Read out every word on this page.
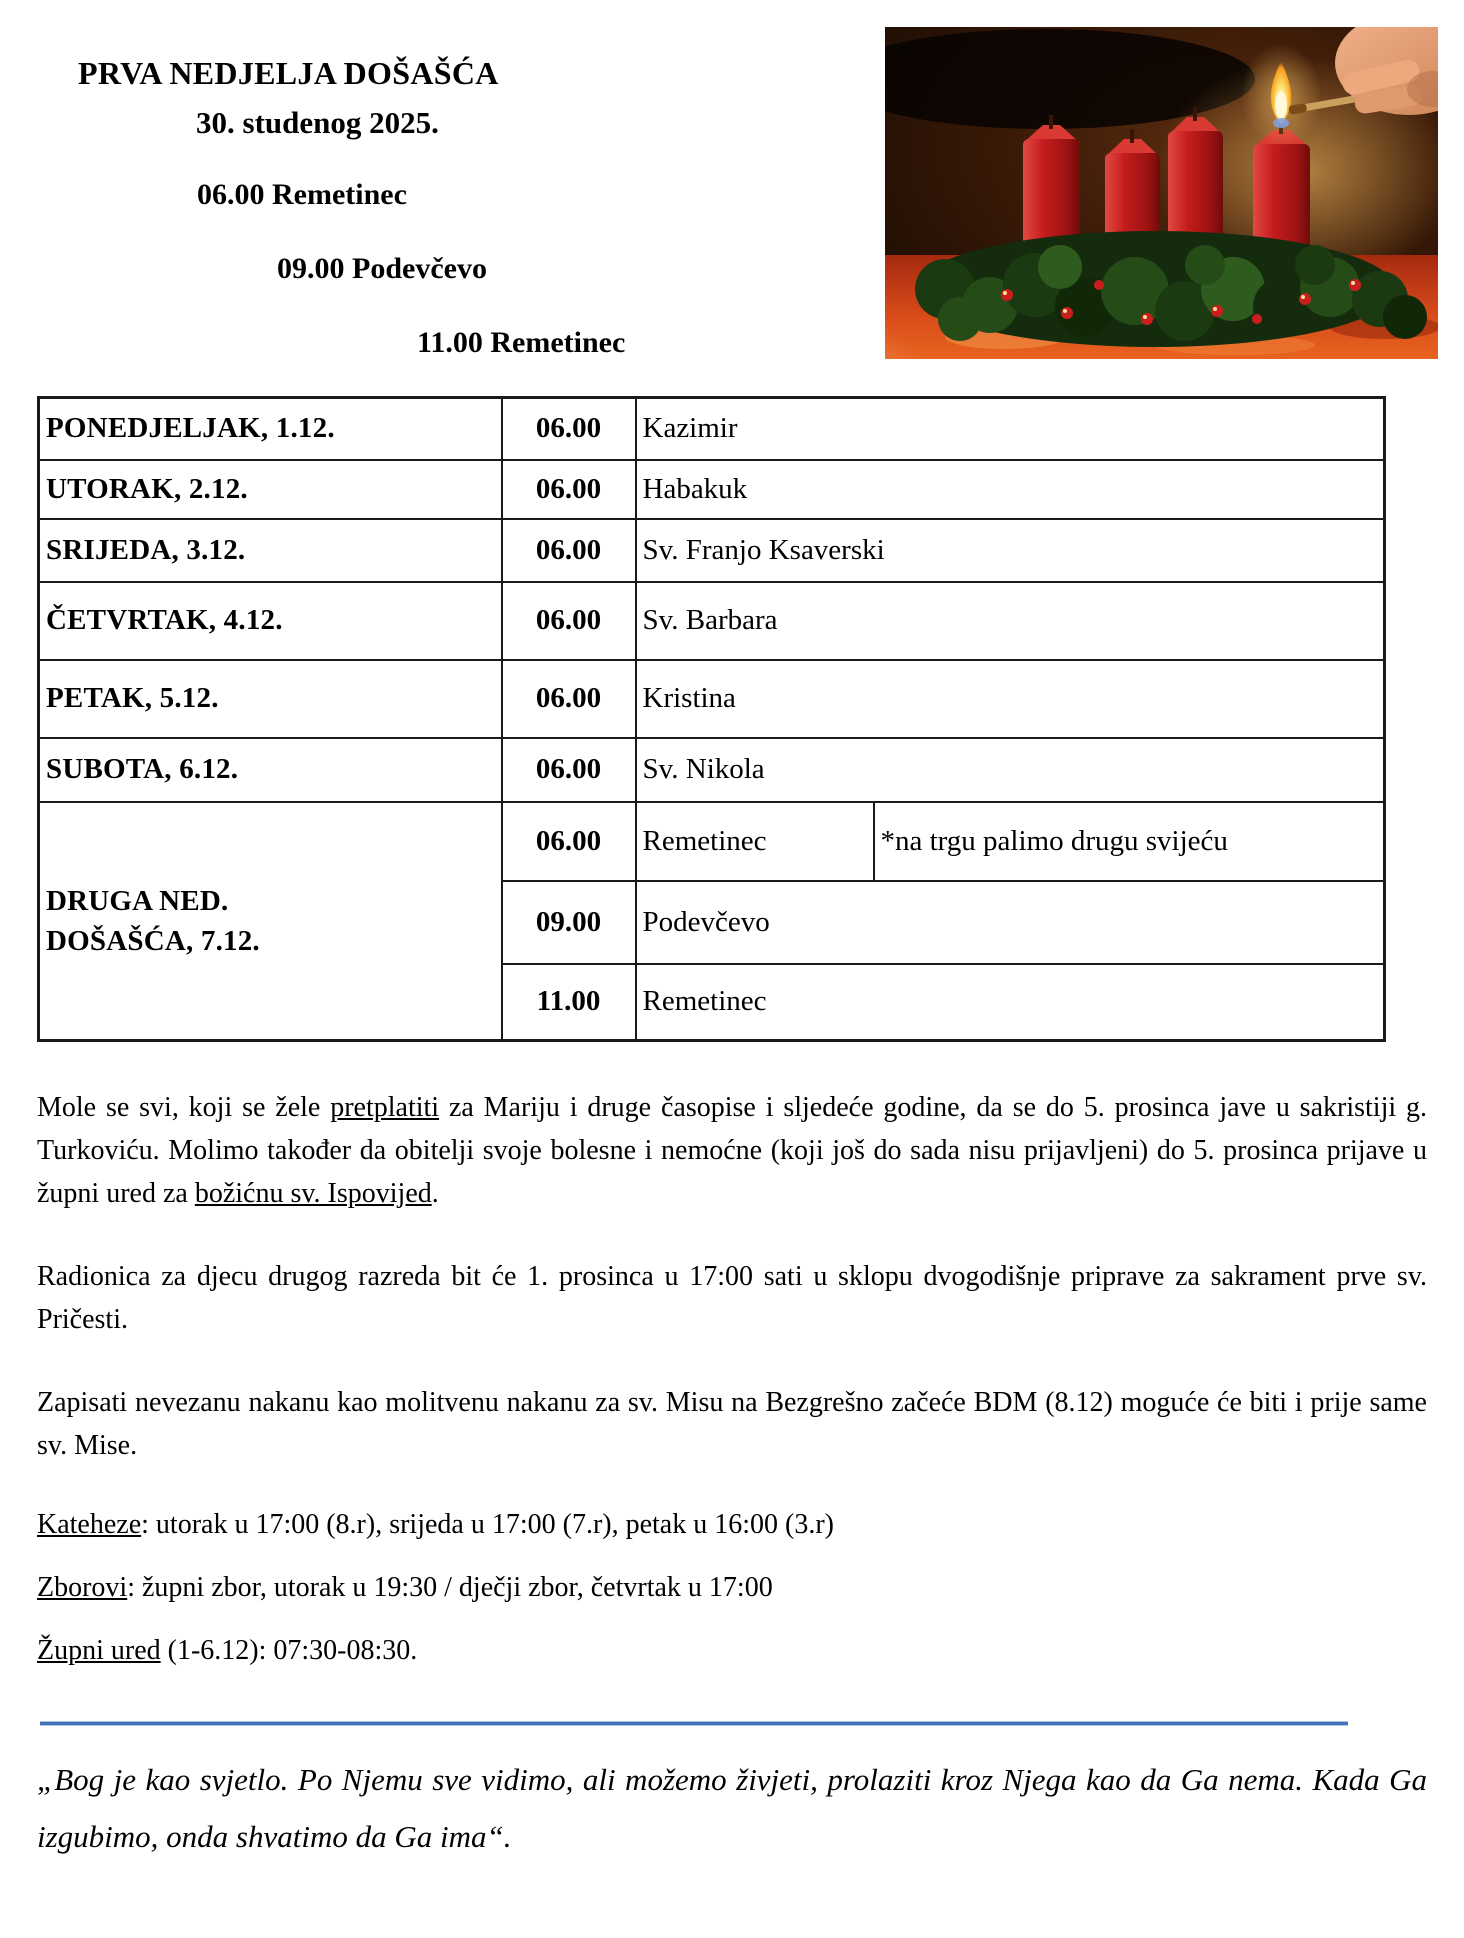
PRVA NEDJELJA DOŠAŠĆA
30. studenog 2025.
06.00 Remetinec
09.00 Podevčevo
11.00 Remetinec
PONEDJELJAK, 1.12.	06.00	Kazimir	
UTORAK, 2.12.	06.00	Habakuk	
SRIJEDA, 3.12.	06.00	Sv. Franjo Ksaverski	
ČETVRTAK, 4.12.	06.00	Sv. Barbara	
PETAK, 5.12.	06.00	Kristina	
SUBOTA, 6.12.	06.00	Sv. Nikola	
DRUGA NED. DOŠAŠĆA, 7.12.	06.00	Remetinec	*na trgu palimo drugu svijeću
	09.00	Podevčevo	
	11.00	Remetinec	

Mole se svi, koji se žele pretplatiti za Mariju i druge časopise i sljedeće godine, da se do 5. prosinca jave u sakristiji g. Turkoviću. Molimo također da obitelji svoje bolesne i nemoćne (koji još do sada nisu prijavljeni) do 5. prosinca prijave u župni ured za božićnu sv. Ispovijed.

Radionica za djecu drugog razreda bit će 1. prosinca u 17:00 sati u sklopu dvogodišnje priprave za sakrament prve sv. Pričesti.

Zapisati nevezanu nakanu kao molitvenu nakanu za sv. Misu na Bezgrešno začeće BDM (8.12) moguće će biti i prije same sv. Mise.

Kateheze: utorak u 17:00 (8.r), srijeda u 17:00 (7.r), petak u 16:00 (3.r)
Zborovi: župni zbor, utorak u 19:30 / dječji zbor, četvrtak u 17:00
Župni ured (1-6.12): 07:30-08:30.

„Bog je kao svjetlo. Po Njemu sve vidimo, ali možemo živjeti, prolaziti kroz Njega kao da Ga nema. Kada Ga izgubimo, onda shvatimo da Ga ima“.
